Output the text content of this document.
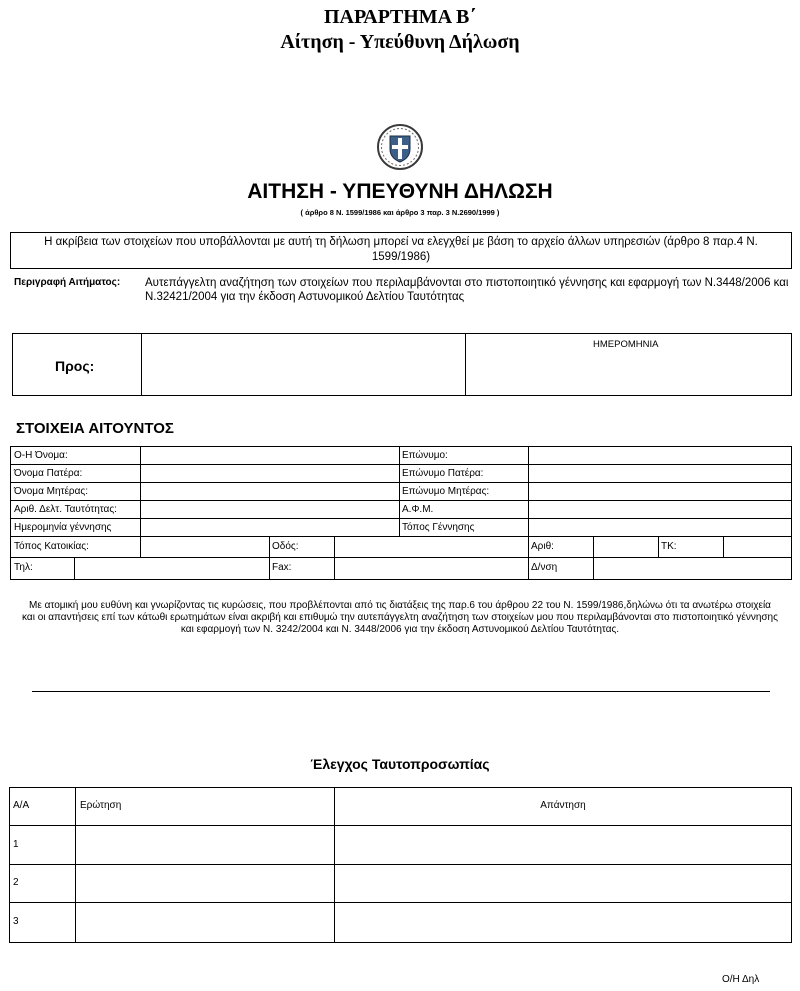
ΠΑΡΑΡΤΗΜΑ Β΄
Αίτηση - Υπεύθυνη Δήλωση
ΑΙΤΗΣΗ - ΥΠΕΥΘΥΝΗ ΔΗΛΩΣΗ
( άρθρο 8 Ν. 1599/1986 και άρθρο 3 παρ. 3 Ν.2690/1999 )
Η ακρίβεια των στοιχείων που υποβάλλονται με αυτή τη δήλωση μπορεί να ελεγχθεί με βάση το αρχείο άλλων υπηρεσιών (άρθρο 8 παρ.4 Ν. 1599/1986)
Περιγραφή Αιτήματος: Αυτεπάγγελτη αναζήτηση των στοιχείων που περιλαμβάνονται στο πιστοποιητικό γέννησης και εφαρμογή των Ν.3448/2006 και Ν.32421/2004 για την έκδοση Αστυνομικού Δελτίου Ταυτότητας
Προς:
ΗΜΕΡΟΜΗΝΙΑ
ΣΤΟΙΧΕΙΑ ΑΙΤΟΥΝΤΟΣ
Ο-Η Όνομα:	Επώνυμο:
Όνομα Πατέρα:	Επώνυμο Πατέρα:
Όνομα Μητέρας:	Επώνυμο Μητέρας:
Αριθ. Δελτ. Ταυτότητας:	Α.Φ.Μ.
Ημερομηνία γέννησης	Τόπος Γέννησης
Τόπος Κατοικίας:	Οδός:	Αριθ:	ΤΚ:
Τηλ:	Fax:	Δ/νση
Με ατομική μου ευθύνη και γνωρίζοντας τις κυρώσεις, που προβλέπονται από τις διατάξεις της παρ.6 του άρθρου 22 του Ν. 1599/1986,δηλώνω ότι τα ανωτέρω στοιχεία και οι απαντήσεις επί των κάτωθι ερωτημάτων είναι ακριβή και επιθυμώ την αυτεπάγγελτη αναζήτηση των στοιχείων μου που περιλαμβάνονται στο πιστοποιητικό γέννησης και εφαρμογή των Ν. 3242/2004 και Ν. 3448/2006 για την έκδοση Αστυνομικού Δελτίου Ταυτότητας.
Έλεγχος Ταυτοπροσωπίας
Α/Α	Ερώτηση	Απάντηση
1
2
3
Ο/Η Δηλ
